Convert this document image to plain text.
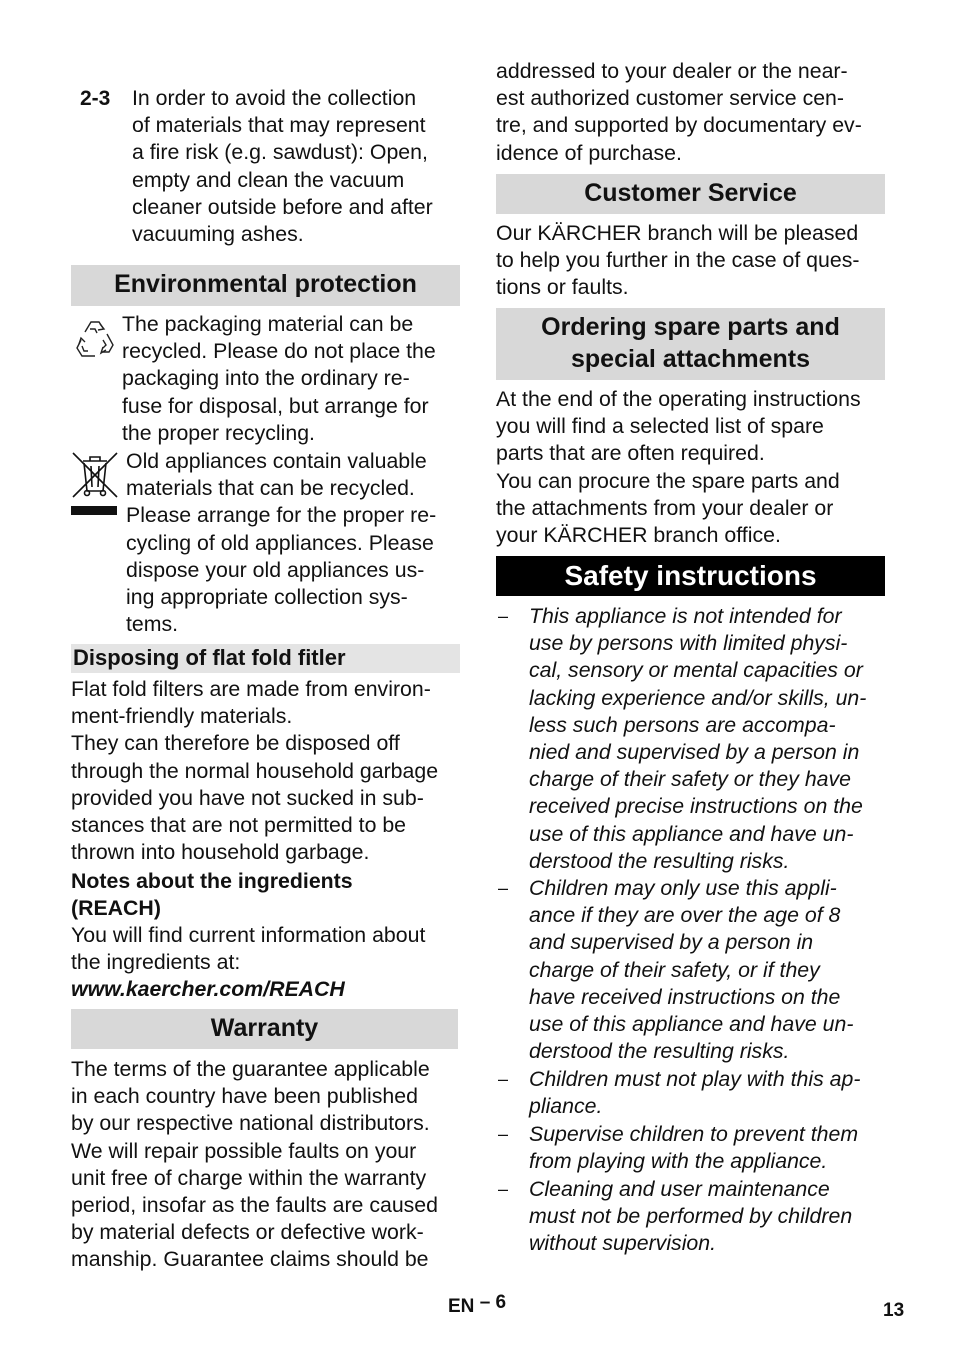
2-3 In order to avoid the collection

of materials that may represent

a fire risk (e.g. sawdust): Open,

empty and clean the vacuum

cleaner outside before and after

vacuuming ashes.

Environmental protection

The packaging material can be

recycled. Please do not place the

packaging into the ordinary re-

fuse for disposal, but arrange for

the proper recycling.

Old appliances contain valuable

materials that can be recycled.

Please arrange for the proper re-

cycling of old appliances. Please

dispose your old appliances us-

ing appropriate collection sys-

tems.

Disposing of flat fold fitler

Flat fold filters are made from environ-

ment-friendly materials.

They can therefore be disposed off

through the normal household garbage

provided you have not sucked in sub-

stances that are not permitted to be

thrown into household garbage.

Notes about the ingredients

(REACH)

You will find current information about

the ingredients at:

www.kaercher.com/REACH

Warranty

The terms of the guarantee applicable

in each country have been published

by our respective national distributors.

We will repair possible faults on your

unit free of charge within the warranty

period, insofar as the faults are caused

by material defects or defective work-

manship. Guarantee claims should be

addressed to your dealer or the near-

est authorized customer service cen-

tre, and supported by documentary ev-

idence of purchase.

Customer Service

Our KÄRCHER branch will be pleased

to help you further in the case of ques-

tions or faults.

Ordering spare parts and
special attachments

At the end of the operating instructions

you will find a selected list of spare

parts that are often required.

You can procure the spare parts and

the attachments from your dealer or

your KÄRCHER branch office.

Safety instructions
– This appliance is not intended for

use by persons with limited physi-

cal, sensory or mental capacities or

lacking experience and/or skills, un-

less such persons are accompa-

nied and supervised by a person in

charge of their safety or they have

received precise instructions on the

use of this appliance and have un-

derstood the resulting risks.

– Children may only use this appli-

ance if they are over the age of 8

and supervised by a person in

charge of their safety, or if they

have received instructions on the

use of this appliance and have un-

derstood the resulting risks.

– Children must not play with this ap-

pliance.

– Supervise children to prevent them

from playing with the appliance.

– Cleaning and user maintenance

must not be performed by children

without supervision.

EN – 6	13
